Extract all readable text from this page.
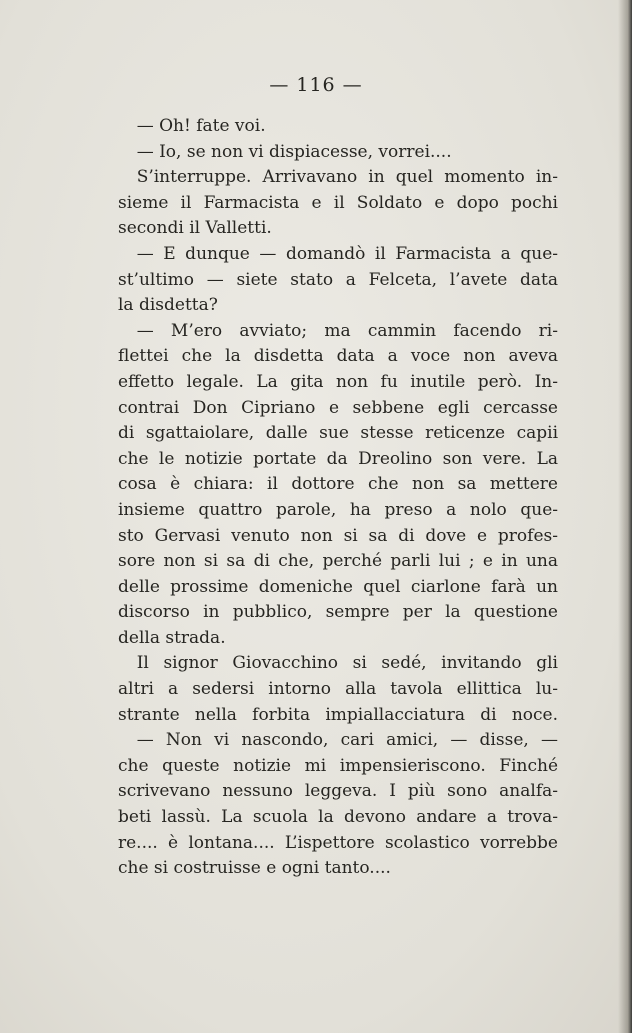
— 116 —
— Oh! fate voi.
— Io, se non vi dispiacesse, vorrei....
S’interruppe. Arrivavano in quel momento in-
sieme il Farmacista e il Soldato e dopo pochi
secondi il Valletti.
— E dunque — domandò il Farmacista a que-
st’ultimo — siete stato a Felceta, l’avete data
la disdetta?
— M’ero avviato; ma cammin facendo ri-
flettei che la disdetta data a voce non aveva
effetto legale. La gita non fu inutile però. In-
contrai Don Cipriano e sebbene egli cercasse
di sgattaiolare, dalle sue stesse reticenze capii
che le notizie portate da Dreolino son vere. La
cosa è chiara: il dottore che non sa mettere
insieme quattro parole, ha preso a nolo que-
sto Gervasi venuto non si sa di dove e profes-
sore non si sa di che, perché parli lui ; e in una
delle prossime domeniche quel ciarlone farà un
discorso in pubblico, sempre per la questione
della strada.
Il signor Giovacchino si sedé, invitando gli
altri a sedersi intorno alla tavola ellittica lu-
strante nella forbita impiallacciatura di noce.
— Non vi nascondo, cari amici, — disse, —
che queste notizie mi impensieriscono. Finché
scrivevano nessuno leggeva. I più sono analfa-
beti lassù. La scuola la devono andare a trova-
re.... è lontana.... L’ispettore scolastico vorrebbe
che si costruisse e ogni tanto....
